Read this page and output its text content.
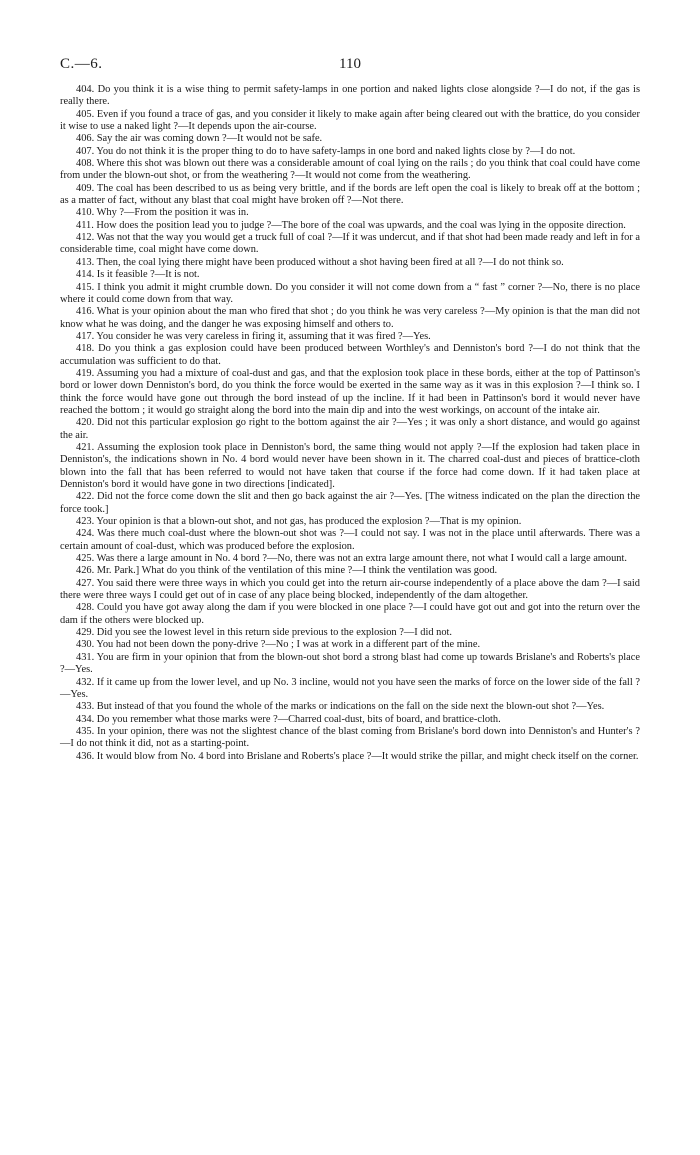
C.—6.	110

404. Do you think it is a wise thing to permit safety-lamps in one portion and naked lights close alongside ?—I do not, if the gas is really there.

405. Even if you found a trace of gas, and you consider it likely to make again after being cleared out with the brattice, do you consider it wise to use a naked light ?—It depends upon the air-course.

406. Say the air was coming down ?—It would not be safe.

407. You do not think it is the proper thing to do to have safety-lamps in one bord and naked lights close by ?—I do not.

408. Where this shot was blown out there was a considerable amount of coal lying on the rails ; do you think that coal could have come from under the blown-out shot, or from the weathering ?—It would not come from the weathering.

409. The coal has been described to us as being very brittle, and if the bords are left open the coal is likely to break off at the bottom ; as a matter of fact, without any blast that coal might have broken off ?—Not there.

410. Why ?—From the position it was in.

411. How does the position lead you to judge ?—The bore of the coal was upwards, and the coal was lying in the opposite direction.

412. Was not that the way you would get a truck full of coal ?—If it was undercut, and if that shot had been made ready and left in for a considerable time, coal might have come down.

413. Then, the coal lying there might have been produced without a shot having been fired at all ?—I do not think so.

414. Is it feasible ?—It is not.

415. I think you admit it might crumble down. Do you consider it will not come down from a “ fast ” corner ?—No, there is no place where it could come down from that way.

416. What is your opinion about the man who fired that shot ; do you think he was very careless ?—My opinion is that the man did not know what he was doing, and the danger he was exposing himself and others to.

417. You consider he was very careless in firing it, assuming that it was fired ?—Yes.

418. Do you think a gas explosion could have been produced between Worthley's and Denniston's bord ?—I do not think that the accumulation was sufficient to do that.

419. Assuming you had a mixture of coal-dust and gas, and that the explosion took place in these bords, either at the top of Pattinson's bord or lower down Denniston's bord, do you think the force would be exerted in the same way as it was in this explosion ?—I think so. I think the force would have gone out through the bord instead of up the incline. If it had been in Pattinson's bord it would never have reached the bottom ; it would go straight along the bord into the main dip and into the west workings, on account of the intake air.

420. Did not this particular explosion go right to the bottom against the air ?—Yes ; it was only a short distance, and would go against the air.

421. Assuming the explosion took place in Denniston's bord, the same thing would not apply ?—If the explosion had taken place in Denniston's, the indications shown in No. 4 bord would never have been shown in it. The charred coal-dust and pieces of brattice-cloth blown into the fall that has been referred to would not have taken that course if the force had come down. If it had taken place at Denniston's bord it would have gone in two directions [indicated].

422. Did not the force come down the slit and then go back against the air ?—Yes. [The witness indicated on the plan the direction the force took.]

423. Your opinion is that a blown-out shot, and not gas, has produced the explosion ?—That is my opinion.

424. Was there much coal-dust where the blown-out shot was ?—I could not say. I was not in the place until afterwards. There was a certain amount of coal-dust, which was produced before the explosion.

425. Was there a large amount in No. 4 bord ?—No, there was not an extra large amount there, not what I would call a large amount.

426. Mr. Park.] What do you think of the ventilation of this mine ?—I think the ventilation was good.

427. You said there were three ways in which you could get into the return air-course independently of a place above the dam ?—I said there were three ways I could get out of in case of any place being blocked, independently of the dam altogether.

428. Could you have got away along the dam if you were blocked in one place ?—I could have got out and got into the return over the dam if the others were blocked up.

429. Did you see the lowest level in this return side previous to the explosion ?—I did not.

430. You had not been down the pony-drive ?—No ; I was at work in a different part of the mine.

431. You are firm in your opinion that from the blown-out shot bord a strong blast had come up towards Brislane's and Roberts's place ?—Yes.

432. If it came up from the lower level, and up No. 3 incline, would not you have seen the marks of force on the lower side of the fall ?—Yes.

433. But instead of that you found the whole of the marks or indications on the fall on the side next the blown-out shot ?—Yes.

434. Do you remember what those marks were ?—Charred coal-dust, bits of board, and brattice-cloth.

435. In your opinion, there was not the slightest chance of the blast coming from Brislane's bord down into Denniston's and Hunter's ?—I do not think it did, not as a starting-point.

436. It would blow from No. 4 bord into Brislane and Roberts's place ?—It would strike the pillar, and might check itself on the corner.
